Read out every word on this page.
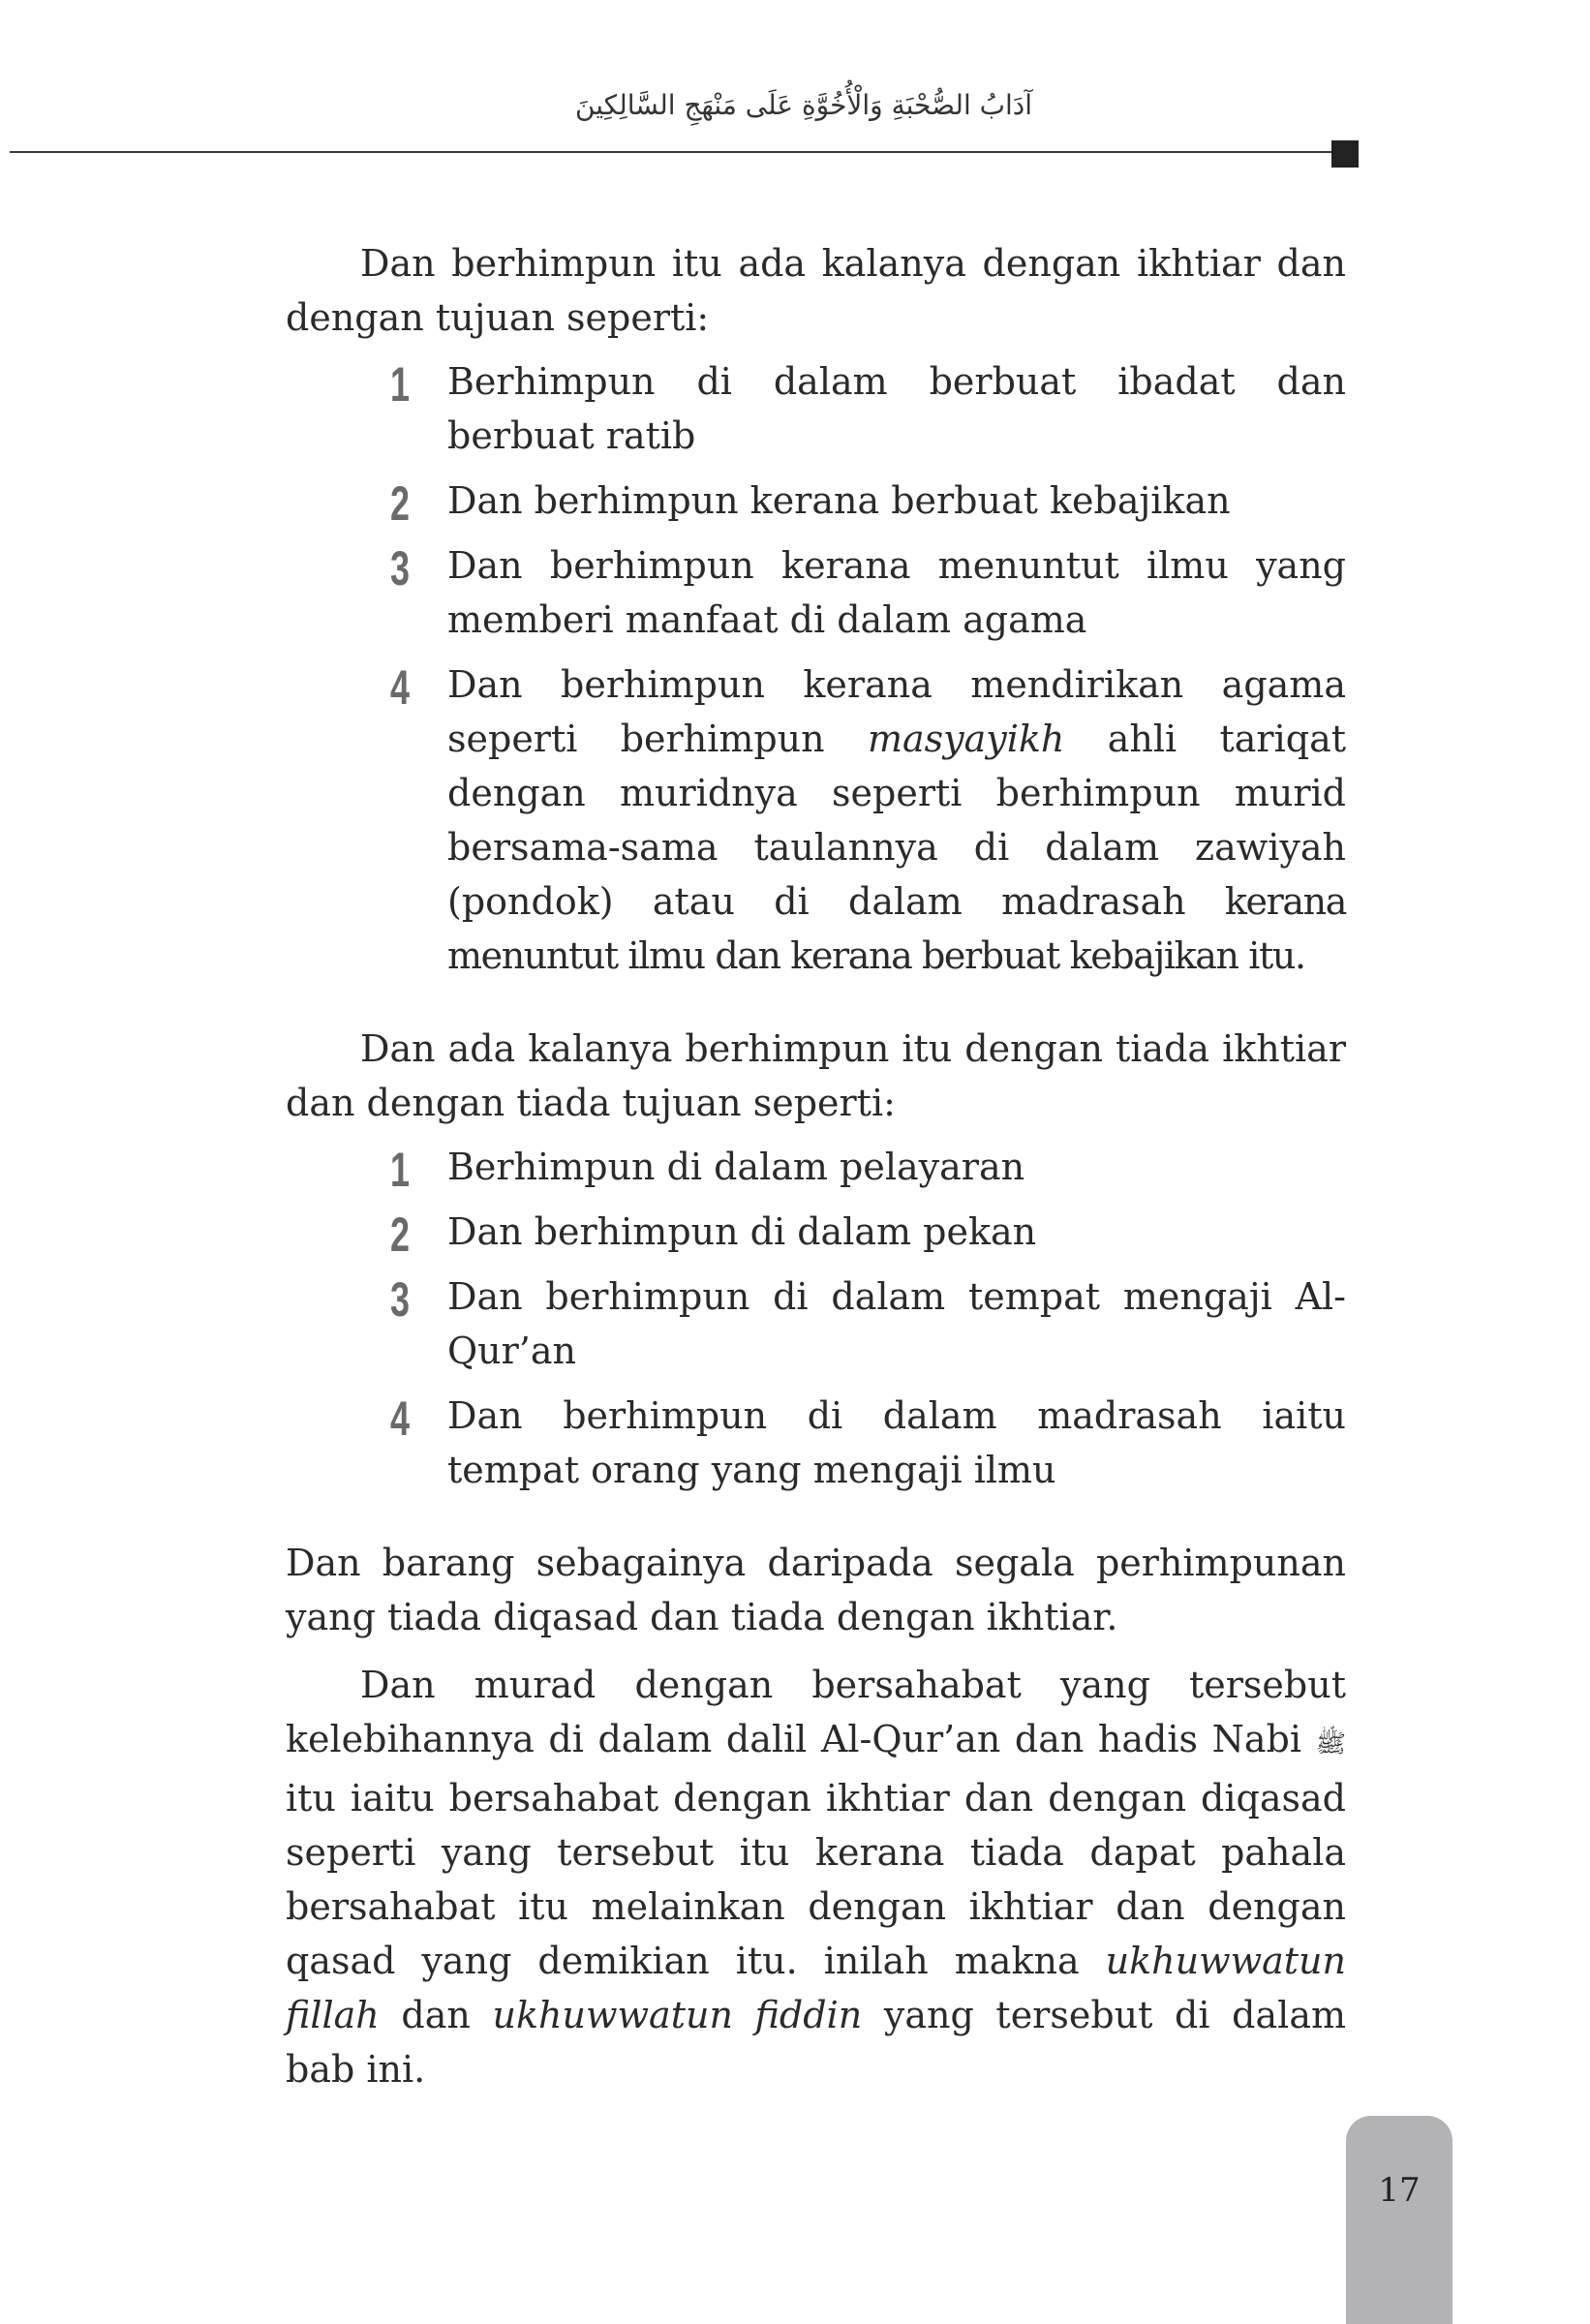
آدَابُ الصُّحْبَةِ وَالْأُخُوَّةِ عَلَى مَنْهَجِ السَّالِكِينَ

Dan berhimpun itu ada kalanya dengan ikhtiar dan dengan tujuan seperti:

1 Berhimpun di dalam berbuat ibadat dan berbuat ratib
2 Dan berhimpun kerana berbuat kebajikan
3 Dan berhimpun kerana menuntut ilmu yang memberi manfaat di dalam agama
4 Dan berhimpun kerana mendirikan agama seperti berhimpun masyayikh ahli tariqat dengan muridnya seperti berhimpun murid bersama-sama taulannya di dalam zawiyah (pondok) atau di dalam madrasah kerana menuntut ilmu dan kerana berbuat kebajikan itu.

Dan ada kalanya berhimpun itu dengan tiada ikhtiar dan dengan tiada tujuan seperti:

1 Berhimpun di dalam pelayaran
2 Dan berhimpun di dalam pekan
3 Dan berhimpun di dalam tempat mengaji Al-Qur’an
4 Dan berhimpun di dalam madrasah iaitu tempat orang yang mengaji ilmu

Dan barang sebagainya daripada segala perhimpunan yang tiada diqasad dan tiada dengan ikhtiar.

Dan murad dengan bersahabat yang tersebut kelebihannya di dalam dalil Al-Qur’an dan hadis Nabi ﷺ itu iaitu bersahabat dengan ikhtiar dan dengan diqasad seperti yang tersebut itu kerana tiada dapat pahala bersahabat itu melainkan dengan ikhtiar dan dengan qasad yang demikian itu. inilah makna ukhuwwatun fillah dan ukhuwwatun fiddin yang tersebut di dalam bab ini.

17
